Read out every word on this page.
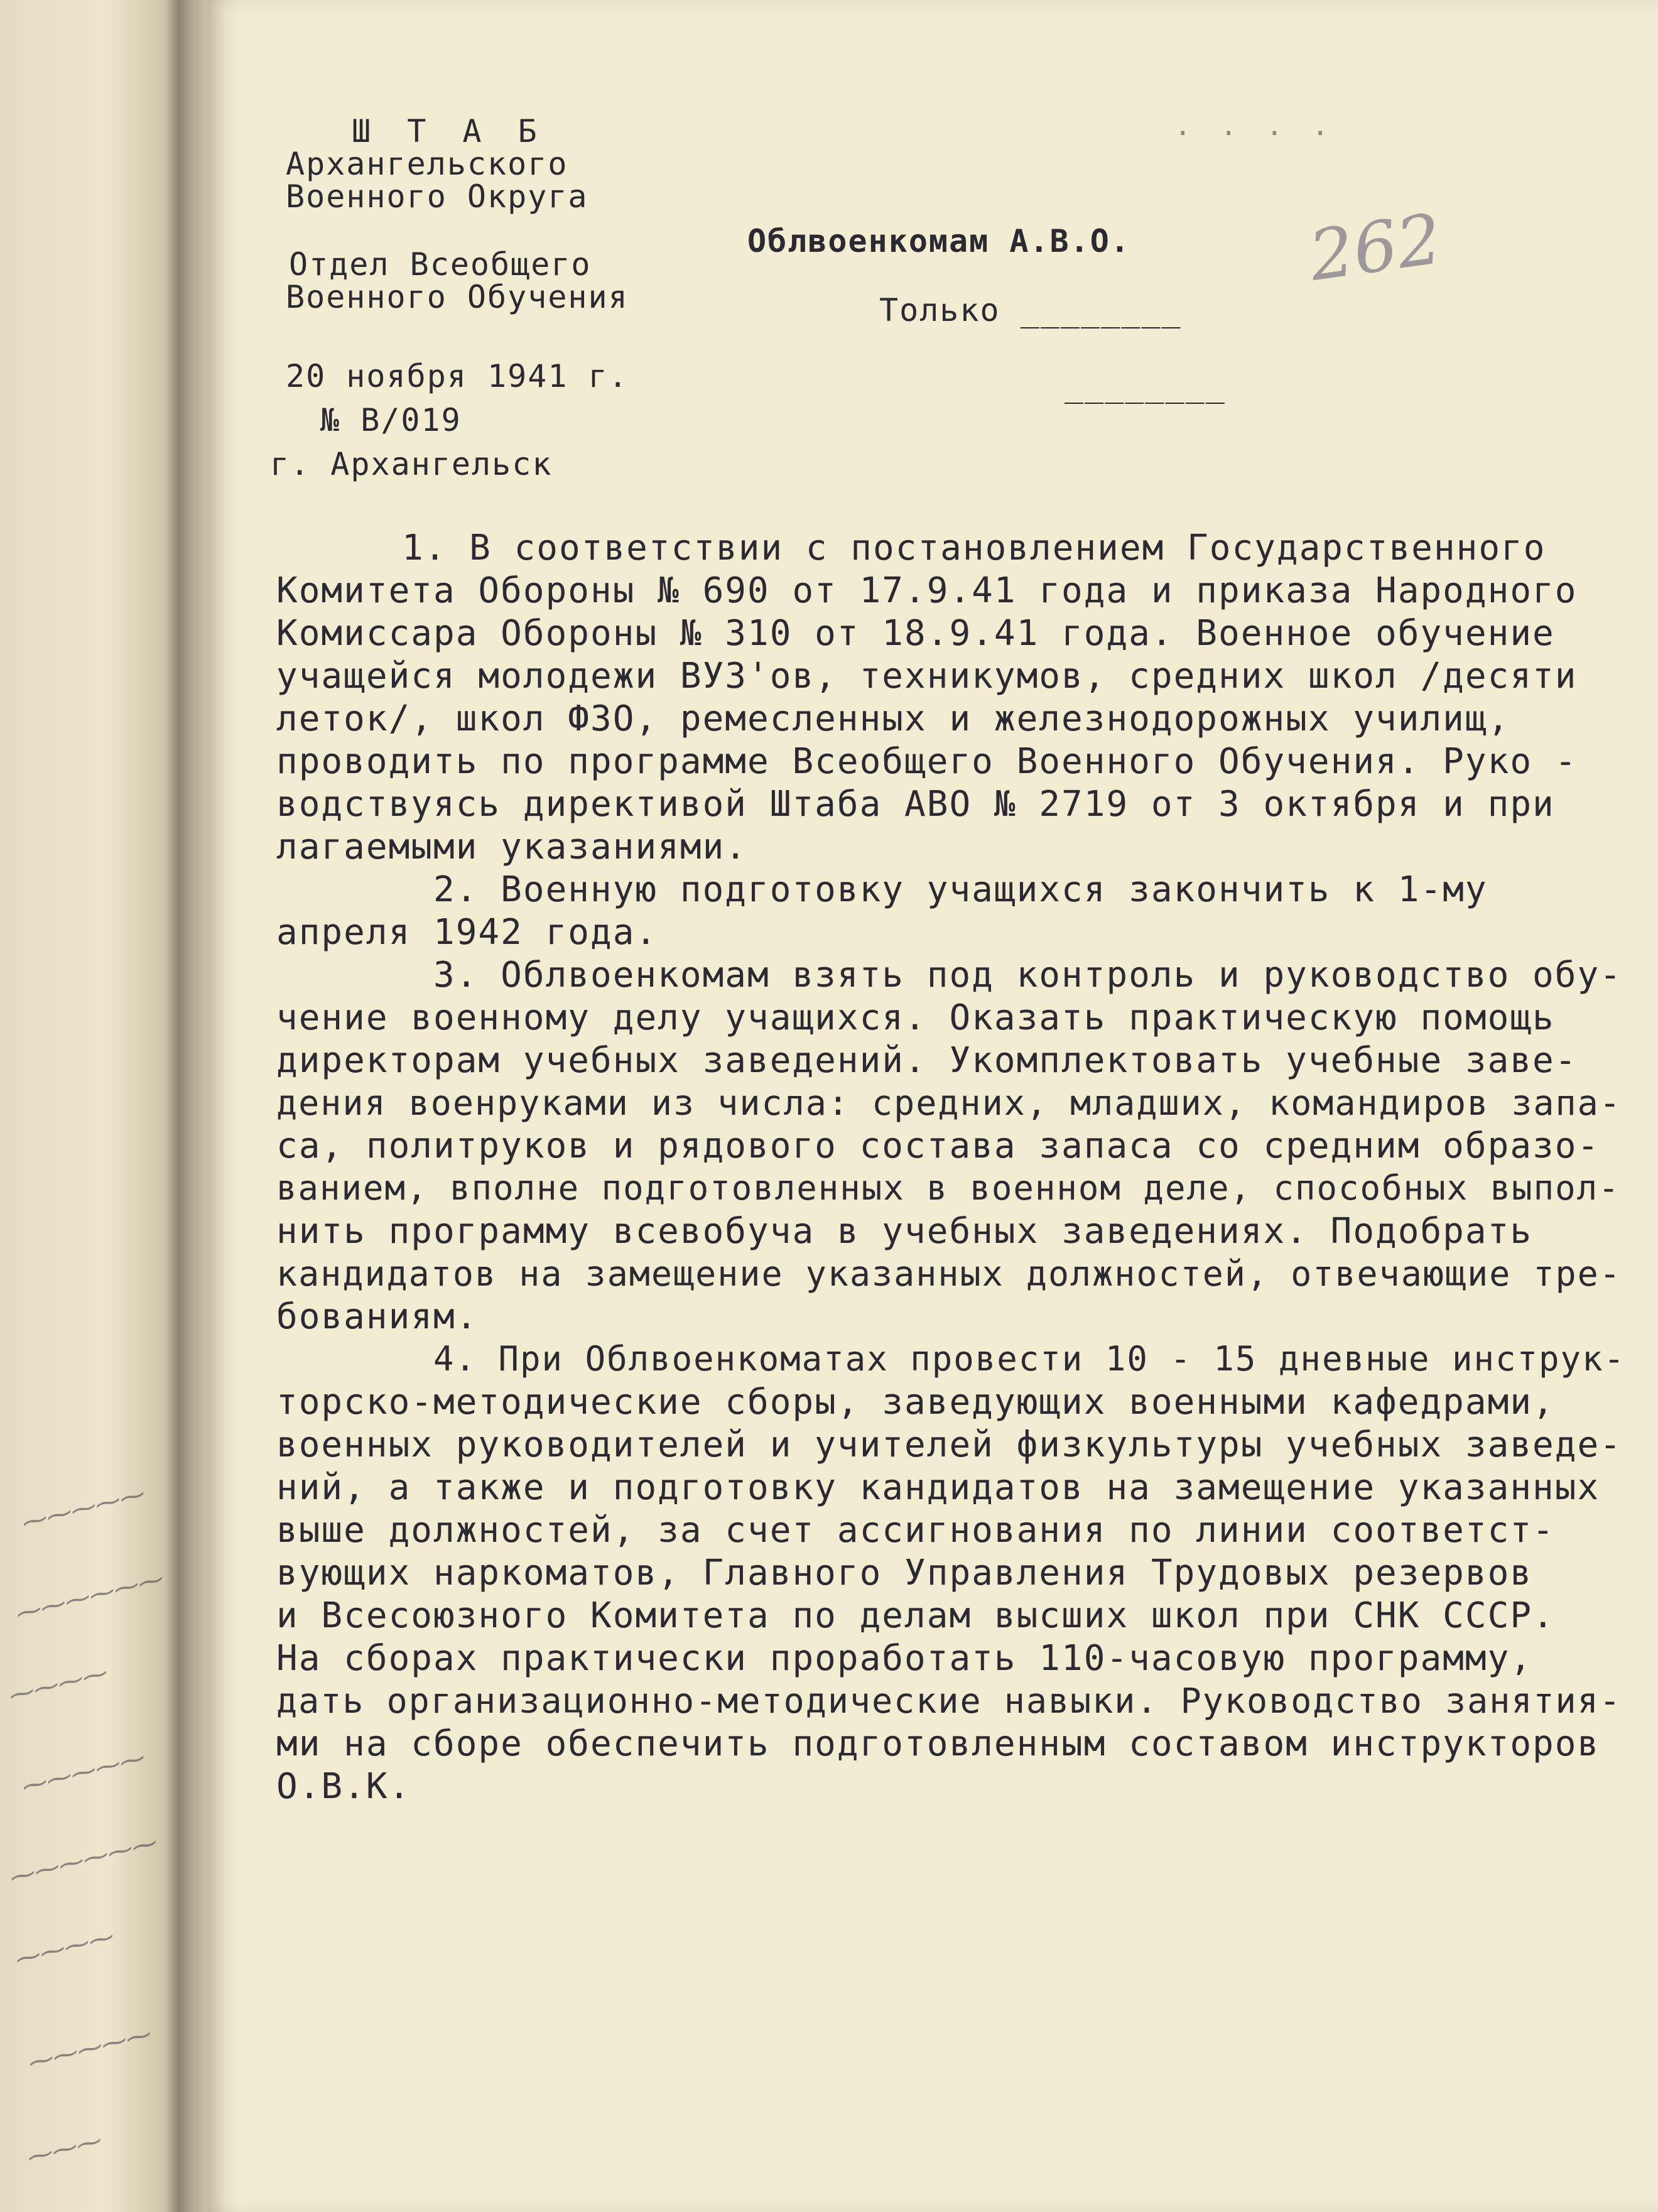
⁓⁓⁓⁓⁓
⁓⁓⁓⁓⁓⁓
⁓⁓⁓⁓
⁓⁓⁓⁓⁓
⁓⁓⁓⁓⁓⁓
⁓⁓⁓⁓
⁓⁓⁓⁓⁓
⁓⁓⁓
Ш Т А Б
Архангельского
Военного Округа
Отдел Всеобщего
Военного Обучения
20 ноября 1941 г.
№ В/019
г. Архангельск
. . . .
Облвоенкомам А.В.О.
Только ________
________
262
1. В соответствии с постановлением Государственного
Комитета Обороны № 690 от 17.9.41 года и приказа Народного
Комиссара Обороны № 310 от 18.9.41 года. Военное обучение
учащейся молодежи ВУЗ'ов, техникумов, средних школ /десяти
леток/, школ ФЗО, ремесленных и железнодорожных училищ,
проводить по программе Всеобщего Военного Обучения. Руко -
водствуясь директивой Штаба АВО № 2719 от 3 октября и при
лагаемыми указаниями.
2. Военную подготовку учащихся закончить к 1-му
апреля 1942 года.
3. Облвоенкомам взять под контроль и руководство обу-
чение военному делу учащихся. Оказать практическую помощь
директорам учебных заведений. Укомплектовать учебные заве-
дения военруками из числа: средних, младших, командиров запа-
са, политруков и рядового состава запаса со средним образо-
ванием, вполне подготовленных в военном деле, способных выпол-
нить программу всевобуча в учебных заведениях. Подобрать
кандидатов на замещение указанных должностей, отвечающие тре-
бованиям.
4. При Облвоенкоматах провести 10 - 15 дневные инструк-
торско-методические сборы, заведующих военными кафедрами,
военных руководителей и учителей физкультуры учебных заведе-
ний, а также и подготовку кандидатов на замещение указанных
выше должностей, за счет ассигнования по линии соответст-
вующих наркоматов, Главного Управления Трудовых резервов
и Всесоюзного Комитета по делам высших школ при СНК СССР.
На сборах практически проработать 110-часовую программу,
дать организационно-методические навыки. Руководство занятия-
ми на сборе обеспечить подготовленным составом инструкторов
О.В.К.
